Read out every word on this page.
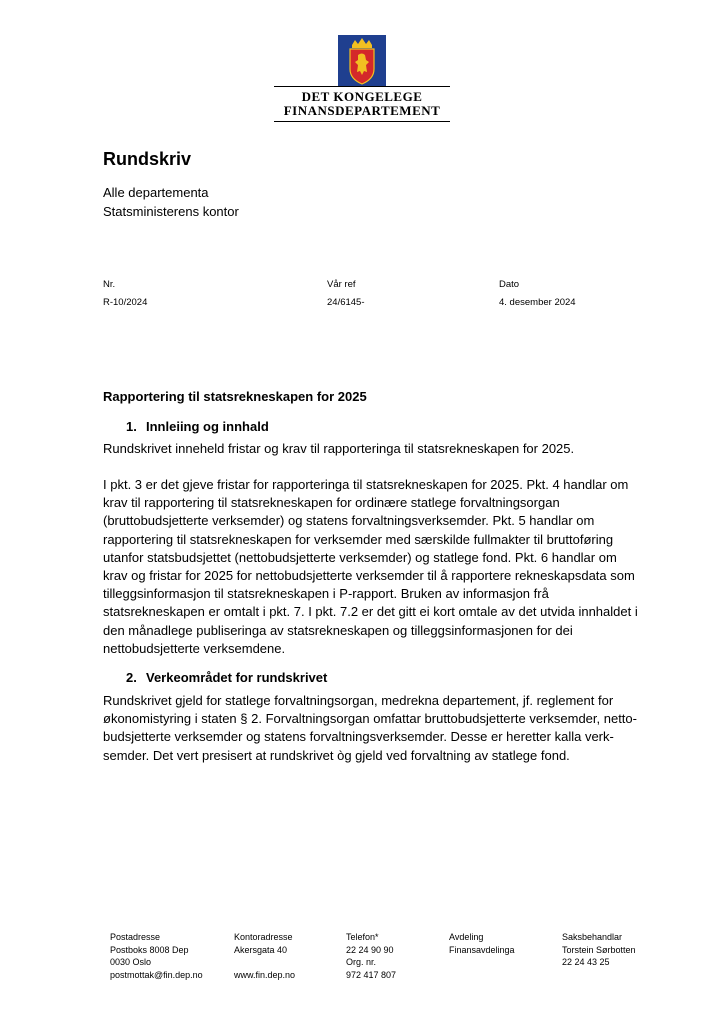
DET KONGELEGE
FINANSDEPARTEMENT
Rundskriv
Alle departementa
Statsministerens kontor
Nr.
R-10/2024
Vår ref
24/6145-
Dato
4. desember 2024
Rapportering til statsrekneskapen for 2025
1. Innleiing og innhald
Rundskrivet inneheld fristar og krav til rapporteringa til statsrekneskapen for 2025.
I pkt. 3 er det gjeve fristar for rapporteringa til statsrekneskapen for 2025. Pkt. 4 handlar om
krav til rapportering til statsrekneskapen for ordinære statlege forvaltningsorgan
(bruttobudsjetterte verksemder) og statens forvaltningsverksemder. Pkt. 5 handlar om
rapportering til statsrekneskapen for verksemder med særskilde fullmakter til bruttoføring
utanfor statsbudsjettet (nettobudsjetterte verksemder) og statlege fond. Pkt. 6 handlar om
krav og fristar for 2025 for nettobudsjetterte verksemder til å rapportere rekneskapsdata som
tilleggsinformasjon til statsrekneskapen i P-rapport. Bruken av informasjon frå
statsrekneskapen er omtalt i pkt. 7. I pkt. 7.2 er det gitt ei kort omtale av det utvida innhaldet i
den månadlege publiseringa av statsrekneskapen og tilleggsinformasjonen for dei
nettobudsjetterte verksemdene.
2. Verkeområdet for rundskrivet
Rundskrivet gjeld for statlege forvaltningsorgan, medrekna departement, jf. reglement for
økonomistyring i staten § 2. Forvaltningsorgan omfattar bruttobudsjetterte verksemder, netto-
budsjetterte verksemder og statens forvaltningsverksemder. Desse er heretter kalla verk-
semder. Det vert presisert at rundskrivet òg gjeld ved forvaltning av statlege fond.
Postadresse
Postboks 8008 Dep
0030 Oslo
postmottak@fin.dep.no
Kontoradresse
Akersgata 40

www.fin.dep.no
Telefon*
22 24 90 90
Org. nr.
972 417 807
Avdeling
Finansavdelinga
Saksbehandlar
Torstein Sørbotten
22 24 43 25
